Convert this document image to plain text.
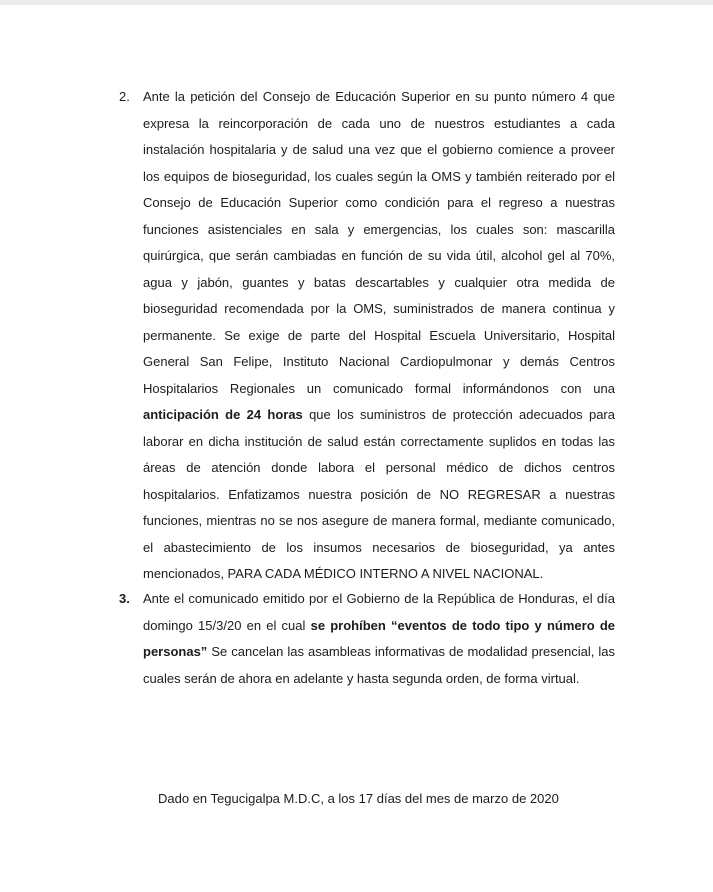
2. Ante la petición del Consejo de Educación Superior en su punto número 4 que expresa la reincorporación de cada uno de nuestros estudiantes a cada instalación hospitalaria y de salud una vez que el gobierno comience a proveer los equipos de bioseguridad, los cuales según la OMS y también reiterado por el Consejo de Educación Superior como condición para el regreso a nuestras funciones asistenciales en sala y emergencias, los cuales son: mascarilla quirúrgica, que serán cambiadas en función de su vida útil, alcohol gel al 70%, agua y jabón, guantes y batas descartables y cualquier otra medida de bioseguridad recomendada por la OMS, suministrados de manera continua y permanente. Se exige de parte del Hospital Escuela Universitario, Hospital General San Felipe, Instituto Nacional Cardiopulmonar y demás Centros Hospitalarios Regionales un comunicado formal informándonos con una anticipación de 24 horas que los suministros de protección adecuados para laborar en dicha institución de salud están correctamente suplidos en todas las áreas de atención donde labora el personal médico de dichos centros hospitalarios. Enfatizamos nuestra posición de NO REGRESAR a nuestras funciones, mientras no se nos asegure de manera formal, mediante comunicado, el abastecimiento de los insumos necesarios de bioseguridad, ya antes mencionados, PARA CADA MÉDICO INTERNO A NIVEL NACIONAL.

3. Ante el comunicado emitido por el Gobierno de la República de Honduras, el día domingo 15/3/20 en el cual se prohíben “eventos de todo tipo y número de personas” Se cancelan las asambleas informativas de modalidad presencial, las cuales serán de ahora en adelante y hasta segunda orden, de forma virtual.

Dado en Tegucigalpa M.D.C, a los 17 días del mes de marzo de 2020
